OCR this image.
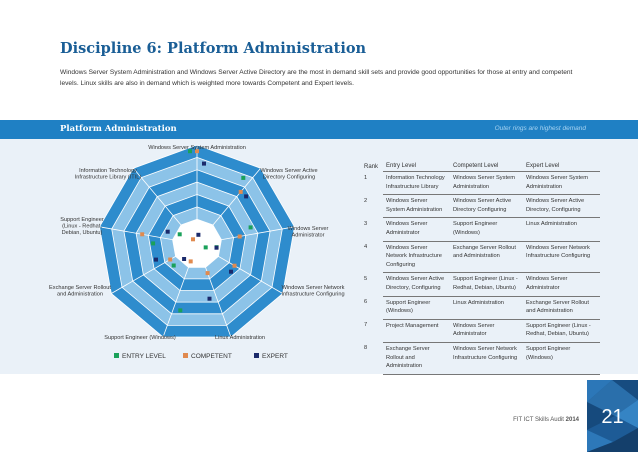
Discipline 6: Platform Administration
Windows Server System Administration and Windows Server Active Directory are the most in demand skill sets and provide good opportunities for those at entry and competent levels. Linux skills are also in demand which is weighted more towards Competent and Expert levels.
Platform Administration	Outer rings are highest demand
Windows Server System Administration
Windows Server Active Directory Configuring
Windows Server Administrator
Windows Server Network Infrastructure Configuring
Linux Administration
Support Engineer (Windows)
Exchange Server Rollout and Administration
Support Engineer (Linux - Redhat, Debian, Ubuntu)
Information Technology Infrastructure Library (ITIL)
ENTRY LEVEL	COMPETENT	EXPERT
Rank	Entry Level	Competent Level	Expert Level
1	Information Technology Infrastructure Library	Windows Server System Administration	Windows Server System Administration
2	Windows Server System Administration	Windows Server Active Directory Configuring	Windows Server Active Directory, Configuring
3	Windows Server Administrator	Support Engineer (Windows)	Linux Administration
4	Windows Server Network Infrastructure Configuring	Exchange Server Rollout and Administration	Windows Server Network Infrastructure Configuring
5	Windows Server Active Directory, Configuring	Support Engineer (Linux - Redhat, Debian, Ubuntu)	Windows Server Administrator
6	Support Engineer (Windows)	Linux Administration	Exchange Server Rollout and Administration
7	Project Management	Windows Server Administrator	Support Engineer (Linux - Redhat, Debian, Ubuntu)
8	Exchange Server Rollout and Administration	Windows Server Network Infrastructure Configuring	Support Engineer (Windows)
FIT ICT Skills Audit 2014	21
